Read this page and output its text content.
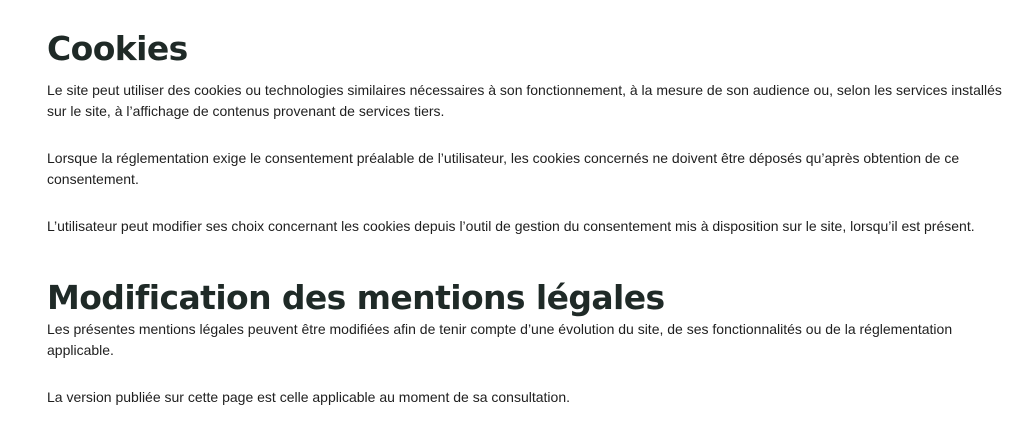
Cookies

Le site peut utiliser des cookies ou technologies similaires nécessaires à son fonctionnement, à la mesure de son audience ou, selon les services installés sur le site, à l’affichage de contenus provenant de services tiers.

Lorsque la réglementation exige le consentement préalable de l’utilisateur, les cookies concernés ne doivent être déposés qu’après obtention de ce consentement.

L’utilisateur peut modifier ses choix concernant les cookies depuis l’outil de gestion du consentement mis à disposition sur le site, lorsqu’il est présent.

Modification des mentions légales

Les présentes mentions légales peuvent être modifiées afin de tenir compte d’une évolution du site, de ses fonctionnalités ou de la réglementation applicable.

La version publiée sur cette page est celle applicable au moment de sa consultation.
